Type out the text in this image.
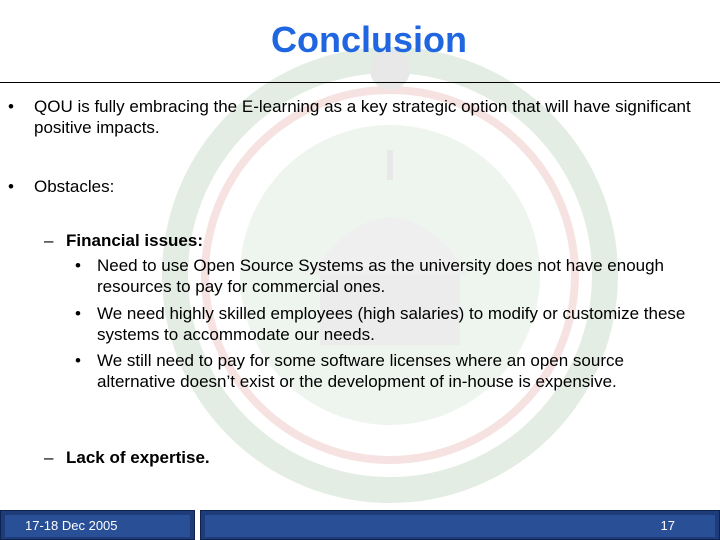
Conclusion
• QOU is fully embracing the E-learning as a key strategic option that will have significant positive impacts.
• Obstacles:
– Financial issues:
• Need to use Open Source Systems as the university does not have enough resources to pay for commercial ones.
• We need highly skilled employees (high salaries) to modify or customize these systems to accommodate our needs.
• We still need to pay for some software licenses where an open source alternative doesn’t exist or the development of in-house is expensive.
– Lack of expertise.
17-18 Dec 2005	17
